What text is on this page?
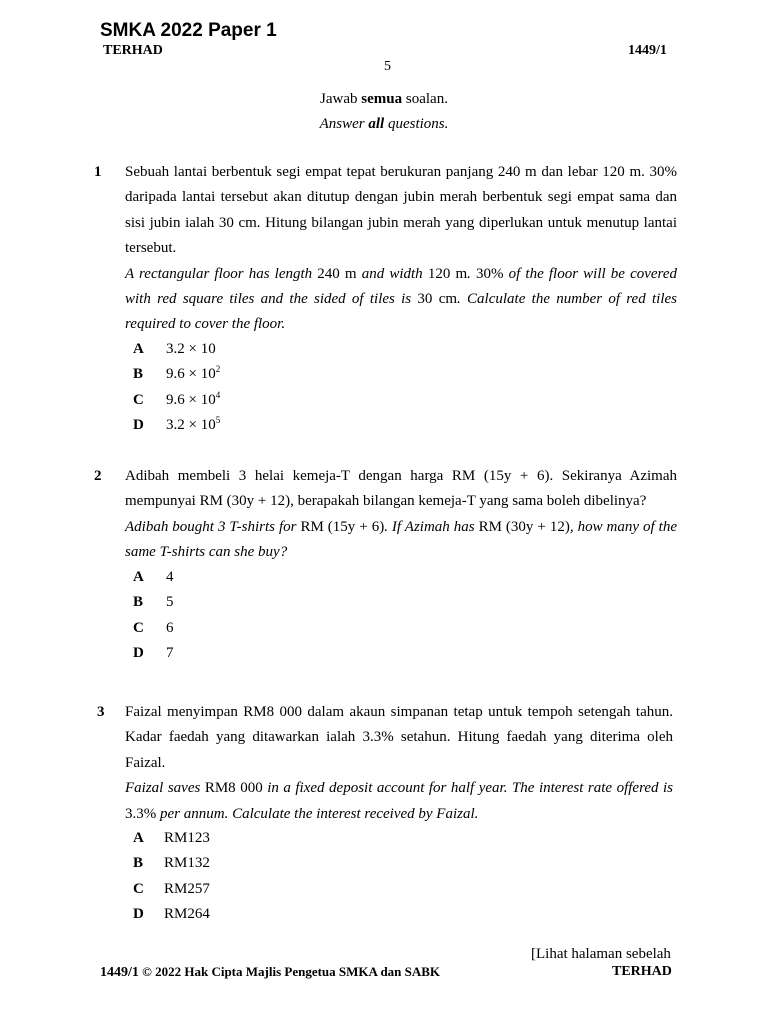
SMKA 2022 Paper 1
TERHAD	1449/1
5
Jawab semua soalan.
Answer all questions.
1 Sebuah lantai berbentuk segi empat tepat berukuran panjang 240 m dan lebar 120 m. 30% daripada lantai tersebut akan ditutup dengan jubin merah berbentuk segi empat sama dan sisi jubin ialah 30 cm. Hitung bilangan jubin merah yang diperlukan untuk menutup lantai tersebut.

A rectangular floor has length 240 m and width 120 m. 30% of the floor will be covered with red square tiles and the sided of tiles is 30 cm. Calculate the number of red tiles required to cover the floor.

A	3.2 × 10
B	$9.6 \times 10^2$
C	$9.6 \times 10^4$
D	$3.2 \times 10^5$
2 Adibah membeli 3 helai kemeja-T dengan harga RM (15y + 6). Sekiranya Azimah mempunyai RM (30y + 12), berapakah bilangan kemeja-T yang sama boleh dibelinya?

Adibah bought 3 T-shirts for RM (15y + 6). If Azimah has RM (30y + 12), how many of the same T-shirts can she buy?

A	4
B	5
C	6
D	7
3 Faizal menyimpan RM8 000 dalam akaun simpanan tetap untuk tempoh setengah tahun. Kadar faedah yang ditawarkan ialah 3.3% setahun. Hitung faedah yang diterima oleh Faizal.

Faizal saves RM8 000 in a fixed deposit account for half year. The interest rate offered is 3.3% per annum. Calculate the interest received by Faizal.

A	RM123
B	RM132
C	RM257
D	RM264
[Lihat halaman sebelah
1449/1 © 2022 Hak Cipta Majlis Pengetua SMKA dan SABK	TERHAD
